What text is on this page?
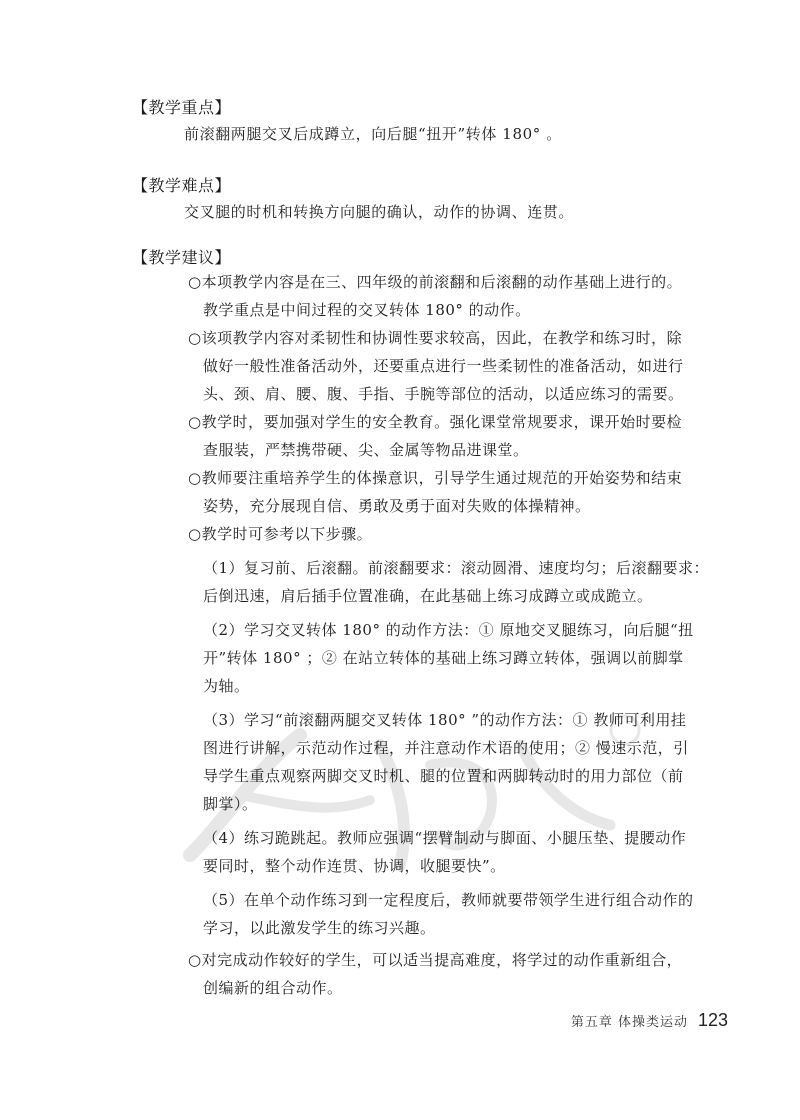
【教学重点】
前滚翻两腿交叉后成蹲立，向后腿“扭开”转体 180° 。
【教学难点】
交叉腿的时机和转换方向腿的确认，动作的协调、连贯。
【教学建议】
○本项教学内容是在三、四年级的前滚翻和后滚翻的动作基础上进行的。
教学重点是中间过程的交叉转体 180° 的动作。
○该项教学内容对柔韧性和协调性要求较高，因此，在教学和练习时，除
做好一般性准备活动外，还要重点进行一些柔韧性的准备活动，如进行
头、颈、肩、腰、腹、手指、手腕等部位的活动，以适应练习的需要。
○教学时，要加强对学生的安全教育。强化课堂常规要求，课开始时要检
查服装，严禁携带硬、尖、金属等物品进课堂。
○教师要注重培养学生的体操意识，引导学生通过规范的开始姿势和结束
姿势，充分展现自信、勇敢及勇于面对失败的体操精神。
○教学时可参考以下步骤。
（1）复习前、后滚翻。前滚翻要求：滚动圆滑、速度均匀；后滚翻要求：
后倒迅速，肩后插手位置准确，在此基础上练习成蹲立或成跪立。
（2）学习交叉转体 180° 的动作方法：① 原地交叉腿练习，向后腿“扭
开”转体 180° ；② 在站立转体的基础上练习蹲立转体，强调以前脚掌
为轴。
（3）学习“前滚翻两腿交叉转体 180° ”的动作方法：① 教师可利用挂
图进行讲解，示范动作过程，并注意动作术语的使用；② 慢速示范，引
导学生重点观察两脚交叉时机、腿的位置和两脚转动时的用力部位（前
脚掌）。
（4）练习跪跳起。教师应强调“摆臂制动与脚面、小腿压垫、提腰动作
要同时，整个动作连贯、协调，收腿要快”。
（5）在单个动作练习到一定程度后，教师就要带领学生进行组合动作的
学习，以此激发学生的练习兴趣。
○对完成动作较好的学生，可以适当提高难度，将学过的动作重新组合，
创编新的组合动作。
第五章 体操类运动 123
